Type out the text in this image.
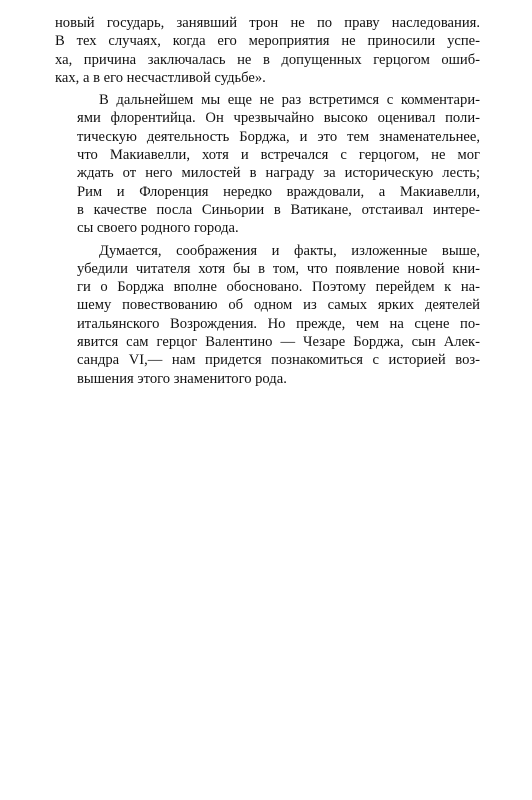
новый государь, занявший трон не по праву наследования.
В тех случаях, когда его мероприятия не приносили успе-
ха, причина заключалась не в допущенных герцогом ошиб-
ках, а в его несчастливой судьбе».

В дальнейшем мы еще не раз встретимся с комментари-
ями флорентийца. Он чрезвычайно высоко оценивал поли-
тическую деятельность Борджа, и это тем знаменательнее,
что Макиавелли, хотя и встречался с герцогом, не мог
ждать от него милостей в награду за историческую лесть;
Рим и Флоренция нередко враждовали, а Макиавелли,
в качестве посла Синьории в Ватикане, отстаивал интере-
сы своего родного города.

Думается, соображения и факты, изложенные выше,
убедили читателя хотя бы в том, что появление новой кни-
ги о Борджа вполне обосновано. Поэтому перейдем к на-
шему повествованию об одном из самых ярких деятелей
итальянского Возрождения. Но прежде, чем на сцене по-
явится сам герцог Валентино — Чезаре Борджа, сын Алек-
сандра VI,— нам придется познакомиться с историей воз-
вышения этого знаменитого рода.
